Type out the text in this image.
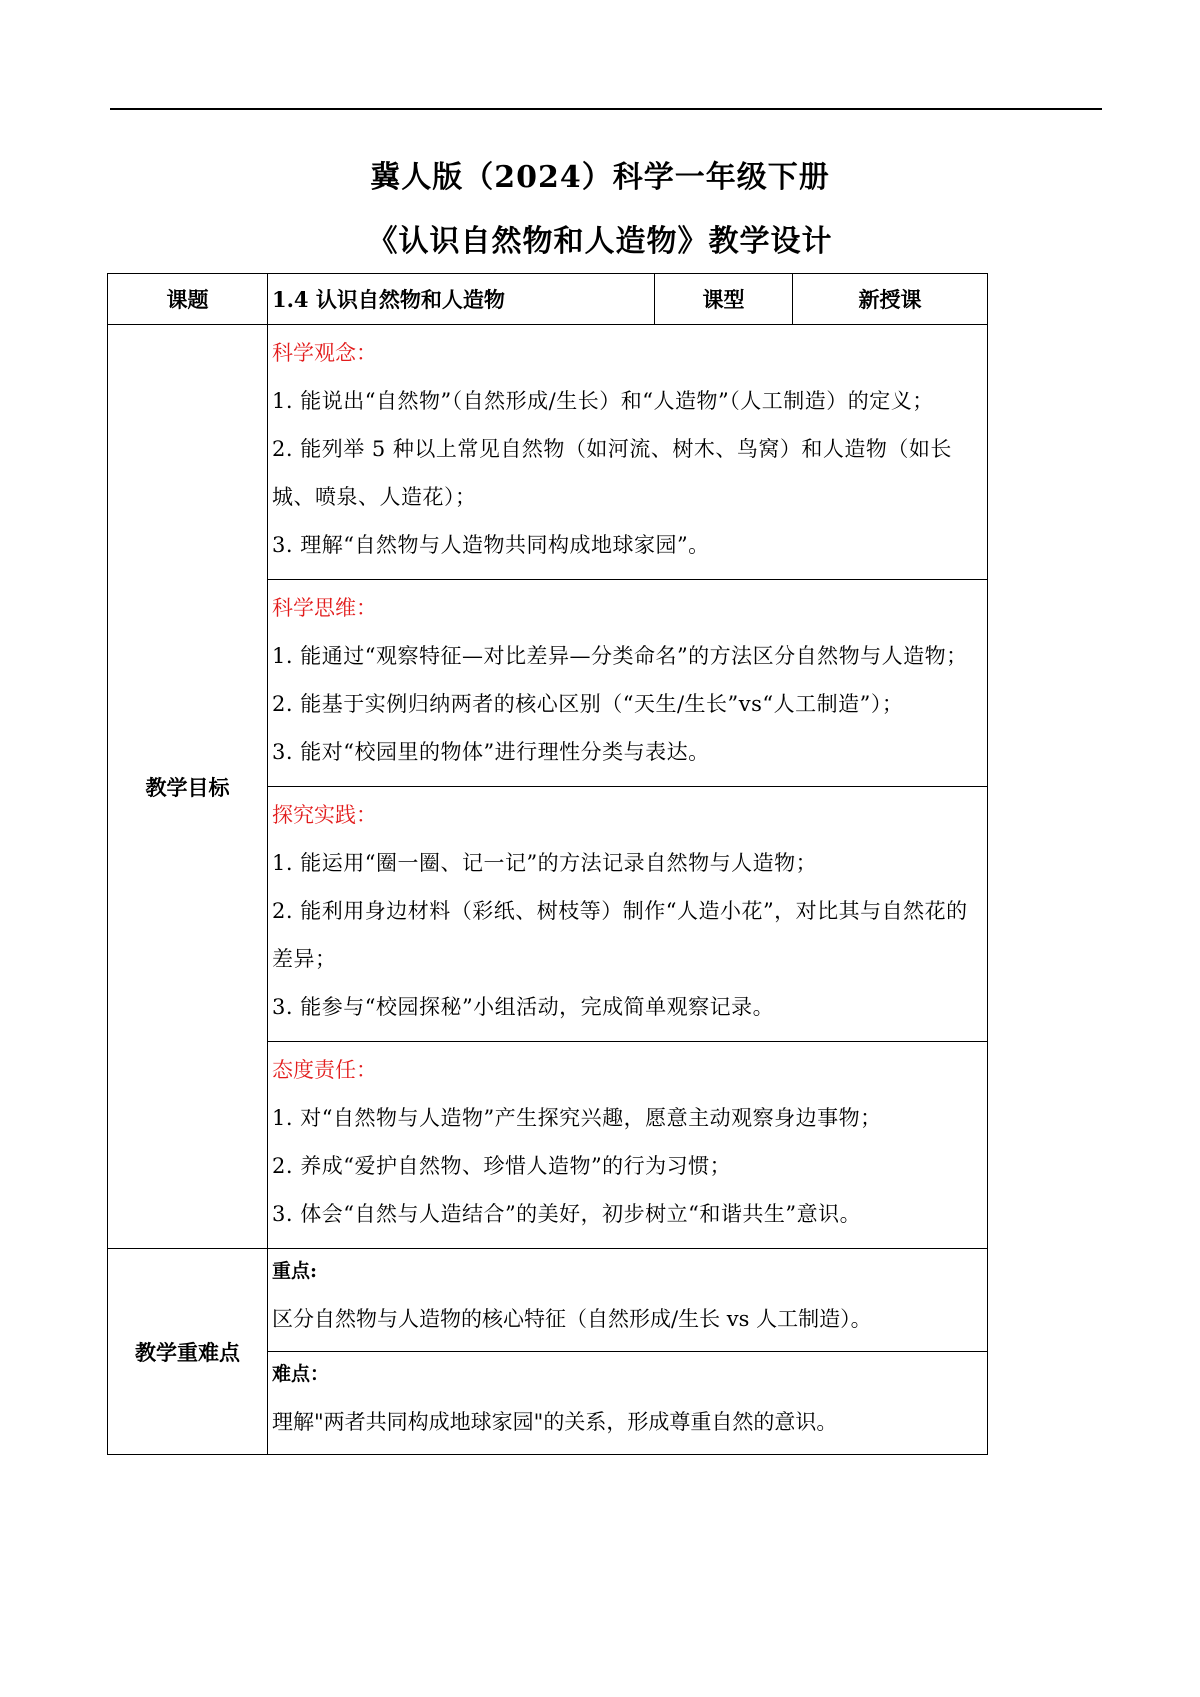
冀人版（2024）科学一年级下册
《认识自然物和人造物》教学设计
课题	1.4 认识自然物和人造物	课型	新授课
教学目标	科学观念：
1. 能说出“自然物”（自然形成/生长）和“人造物”（人工制造）的定义；
2. 能列举 5 种以上常见自然物（如河流、树木、鸟窝）和人造物（如长城、喷泉、人造花）；
3. 理解“自然物与人造物共同构成地球家园”。		

	科学思维：
1. 能通过“观察特征—对比差异—分类命名”的方法区分自然物与人造物；
2. 能基于实例归纳两者的核心区别（“天生/生长”vs“人工制造”）；
3. 能对“校园里的物体”进行理性分类与表达。		

	探究实践：
1. 能运用“圈一圈、记一记”的方法记录自然物与人造物；
2. 能利用身边材料（彩纸、树枝等）制作“人造小花”，对比其与自然花的差异；
3. 能参与“校园探秘”小组活动，完成简单观察记录。		

	态度责任：
1. 对“自然物与人造物”产生探究兴趣，愿意主动观察身边事物；
2. 养成“爱护自然物、珍惜人造物”的行为习惯；
3. 体会“自然与人造结合”的美好，初步树立“和谐共生”意识。		

教学重难点	重点:
区分自然物与人造物的核心特征（自然形成/生长 vs 人工制造）。		

	难点：
理解"两者共同构成地球家园"的关系，形成尊重自然的意识。		
